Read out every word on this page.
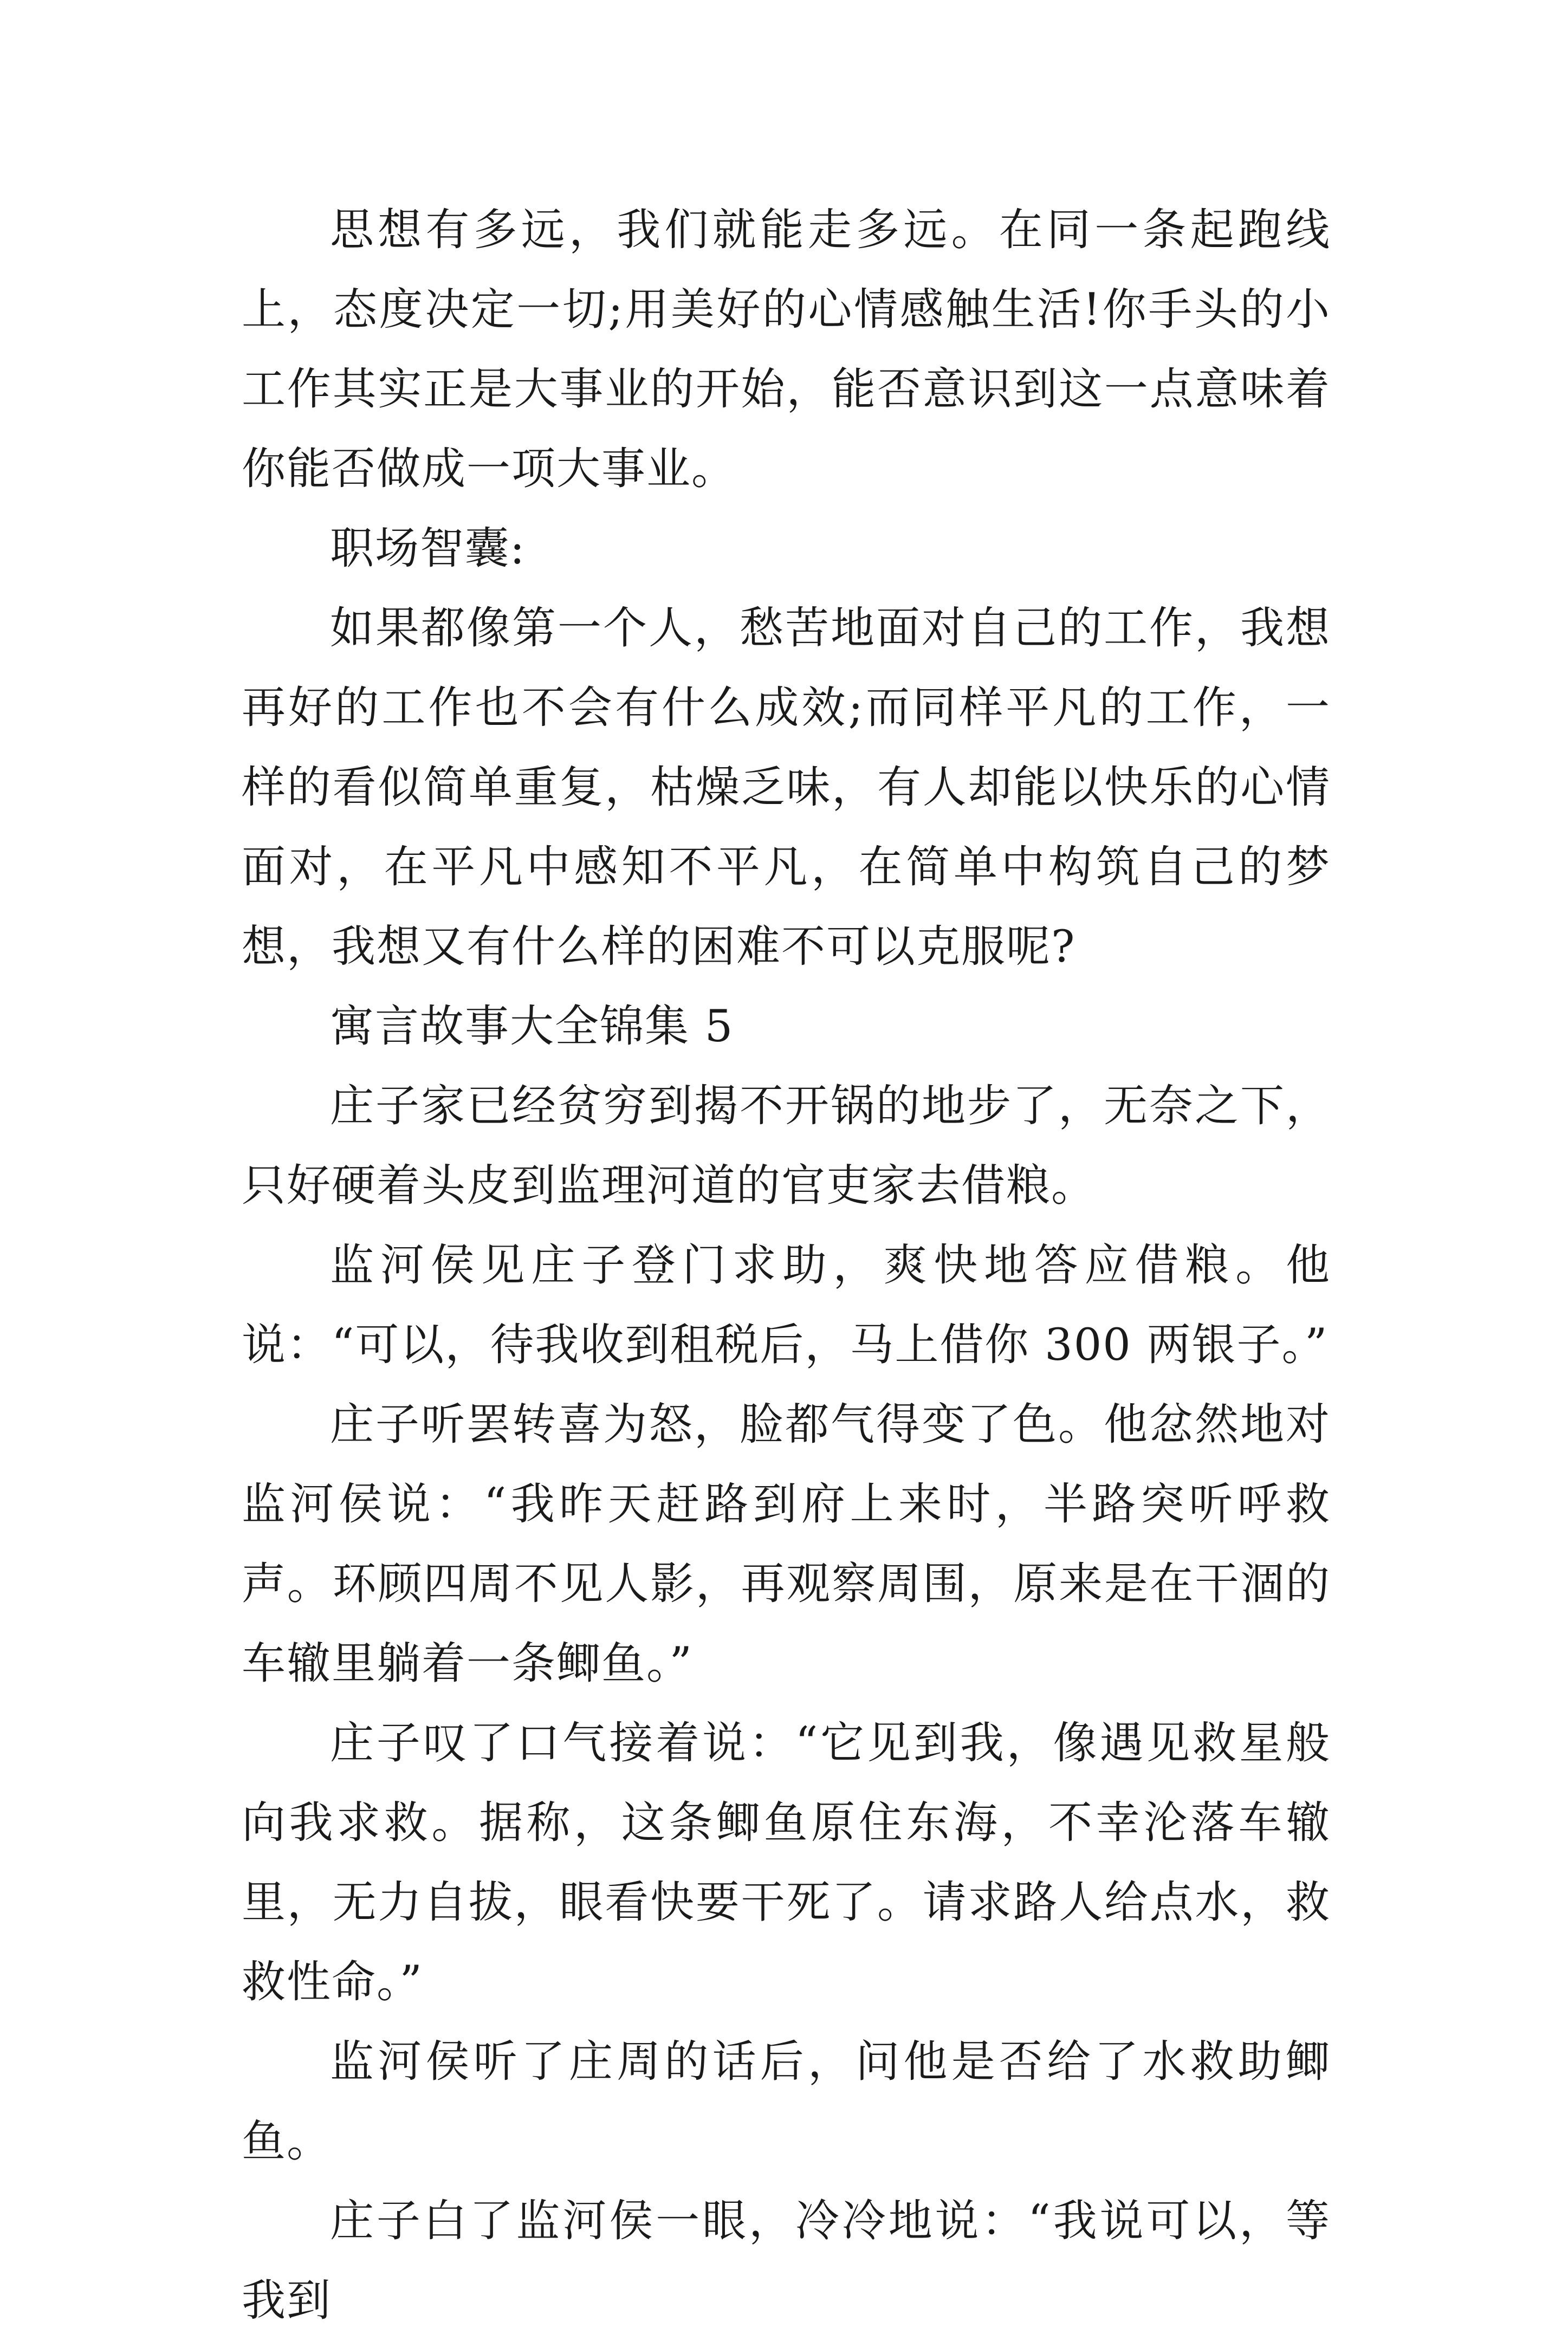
思想有多远，我们就能走多远。在同一条起跑线上，态度决定一切;用美好的心情感触生活!你手头的小工作其实正是大事业的开始，能否意识到这一点意味着你能否做成一项大事业。

职场智囊:

如果都像第一个人，愁苦地面对自己的工作，我想再好的工作也不会有什么成效;而同样平凡的工作，一样的看似简单重复，枯燥乏味，有人却能以快乐的心情面对，在平凡中感知不平凡，在简单中构筑自己的梦想，我想又有什么样的困难不可以克服呢?

寓言故事大全锦集 5

庄子家已经贫穷到揭不开锅的地步了，无奈之下，只好硬着头皮到监理河道的官吏家去借粮。

监河侯见庄子登门求助，爽快地答应借粮。他说：“可以，待我收到租税后，马上借你 300 两银子。”

庄子听罢转喜为怒，脸都气得变了色。他忿然地对监河侯说：“我昨天赶路到府上来时，半路突听呼救声。环顾四周不见人影，再观察周围，原来是在干涸的车辙里躺着一条鲫鱼。”

庄子叹了口气接着说：“它见到我，像遇见救星般向我求救。据称，这条鲫鱼原住东海，不幸沦落车辙里，无力自拔，眼看快要干死了。请求路人给点水，救救性命。”

监河侯听了庄周的话后，问他是否给了水救助鲫鱼。

庄子白了监河侯一眼，冷冷地说：“我说可以，等我到
